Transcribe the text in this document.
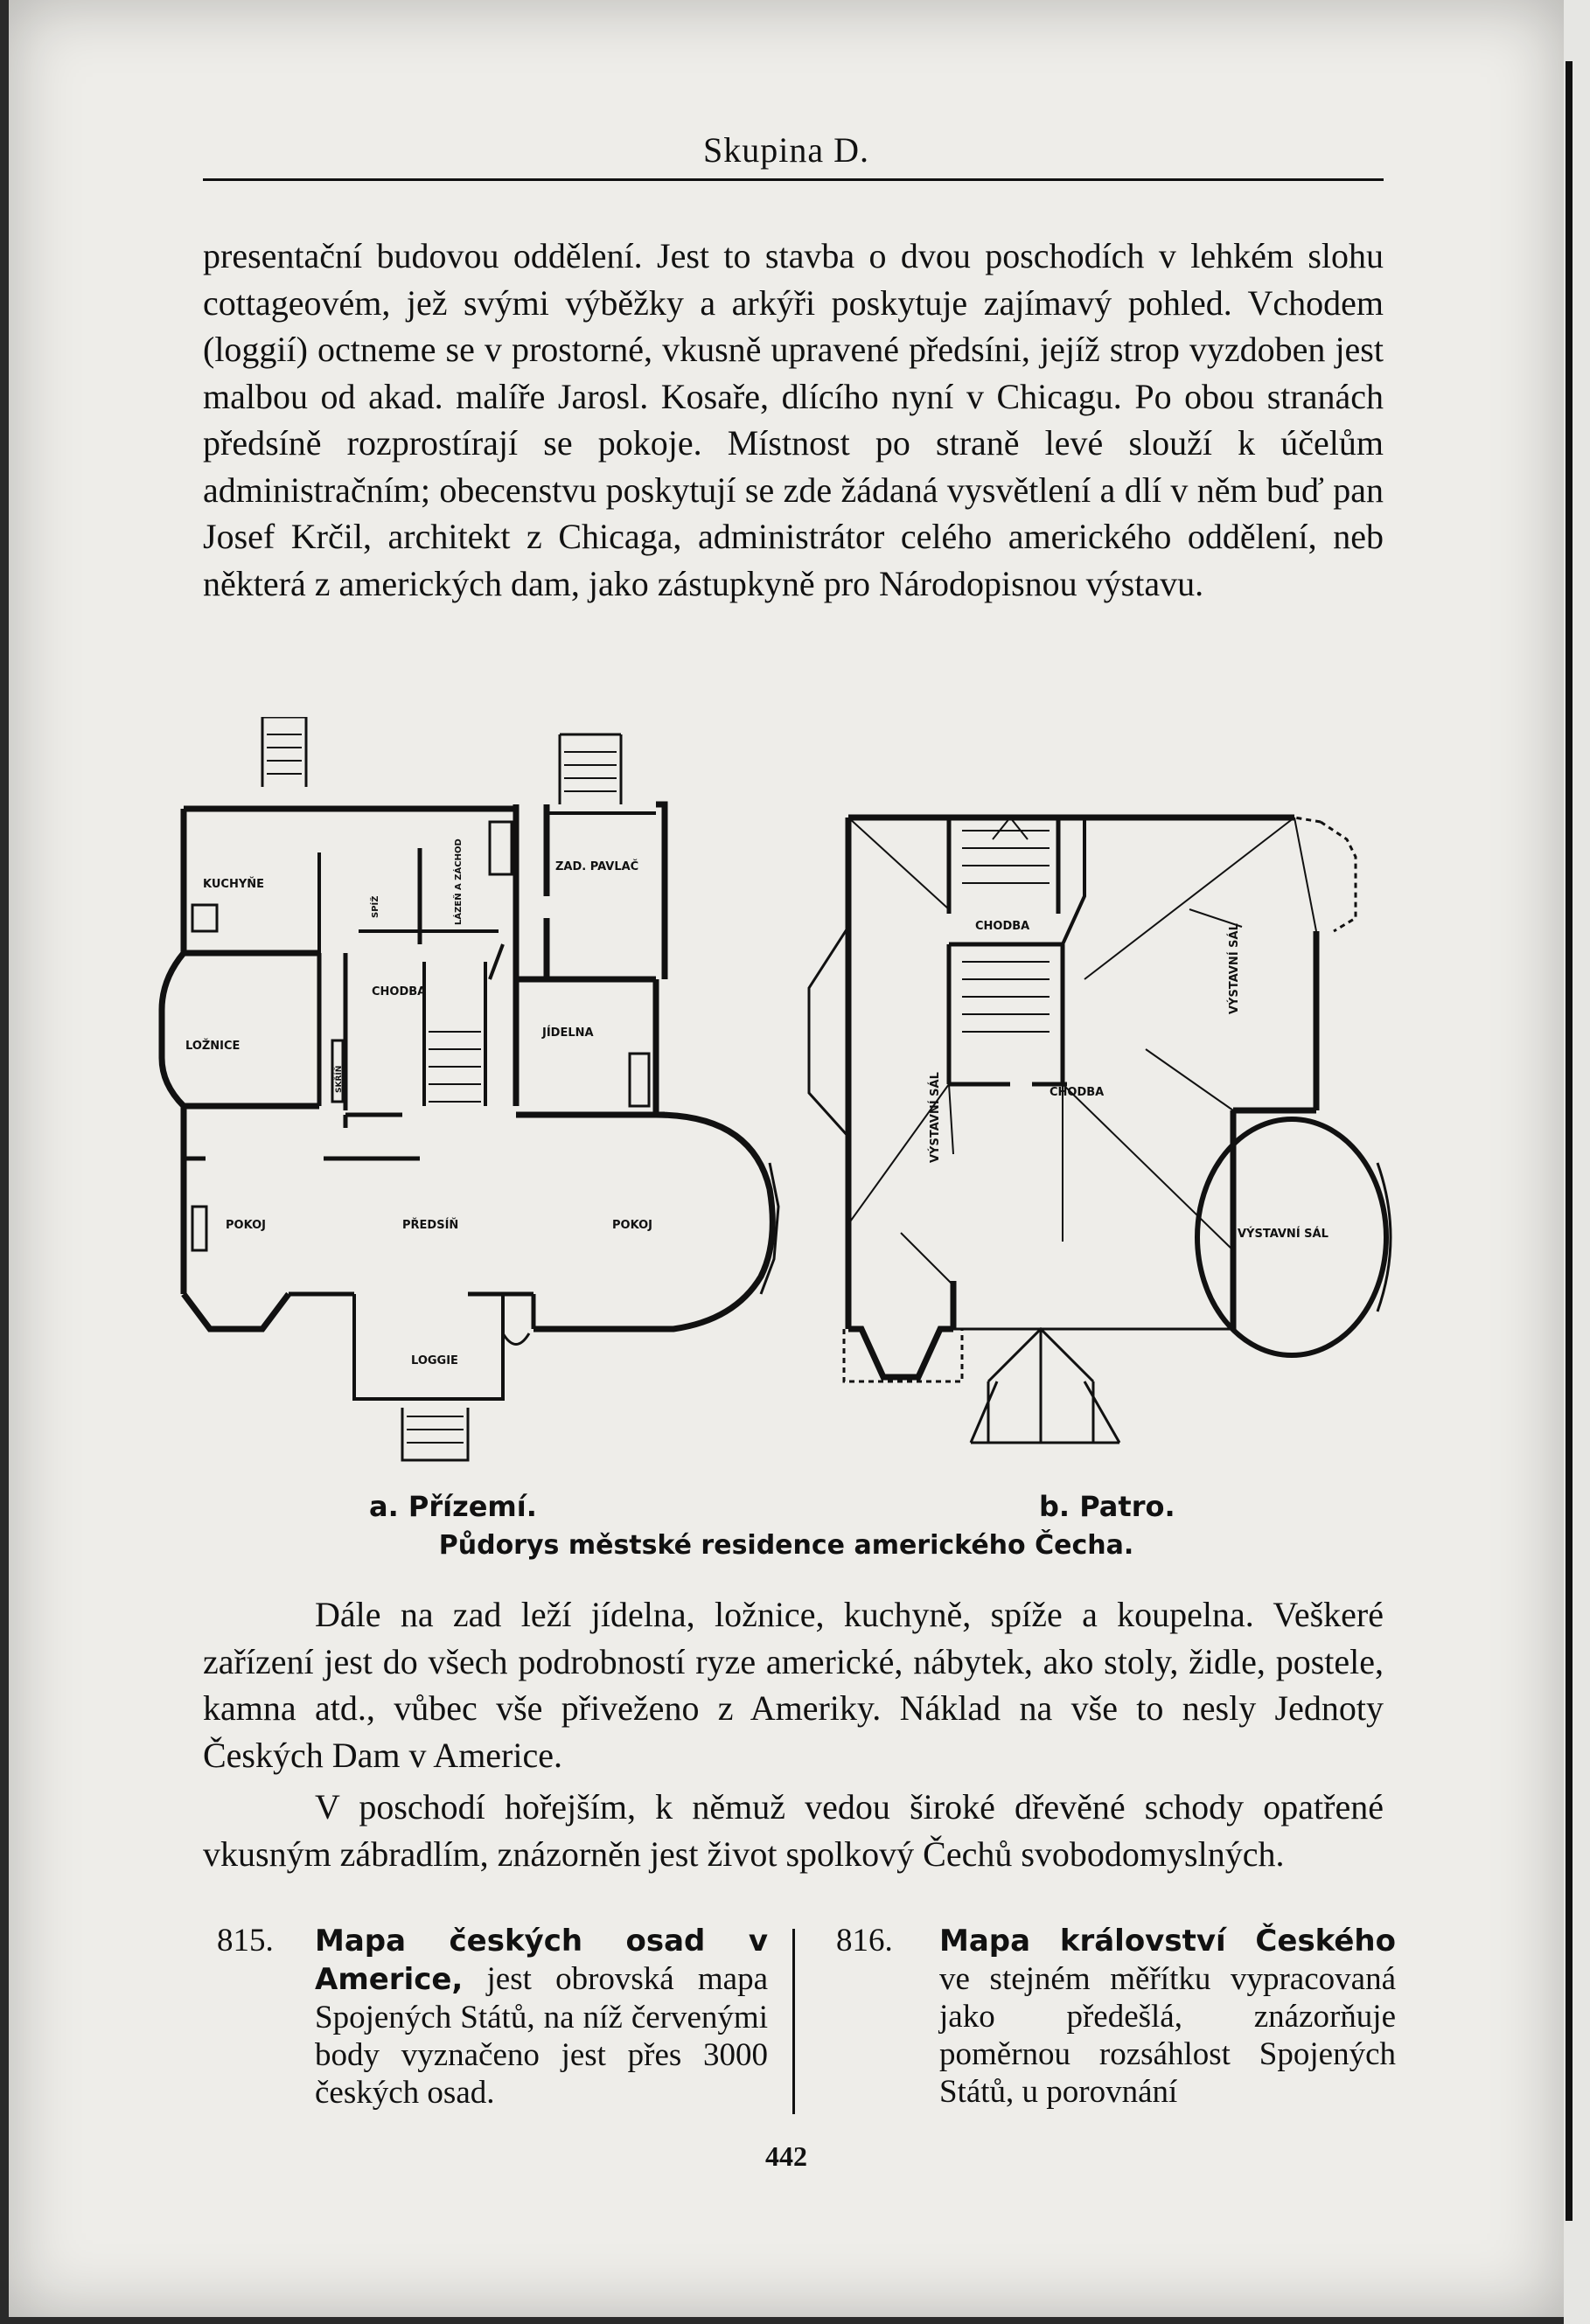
Skupina D.

presentační budovou oddělení. Jest to stavba o dvou poschodích v lehkém slohu cottageovém, jež svými výběžky a arkýři poskytuje zajímavý pohled. Vchodem (loggií) octneme se v prostorné, vkusně upravené předsíni, jejíž strop vyzdoben jest malbou od akad. malíře Jarosl. Kosaře, dlícího nyní v Chicagu. Po obou stranách předsíně rozprostírají se pokoje. Místnost po straně levé slouží k účelům administračním; obecenstvu poskytují se zde žádaná vysvětlení a dlí v něm buď pan Josef Krčil, architekt z Chicaga, administrátor celého amerického oddělení, neb některá z amerických dam, jako zástupkyně pro Národopisnou výstavu.

KUCHYŇE
ZAD. PAVLAČ
CHODBA
LOŽNICE
JÍDELNA
POKOJ	PŘEDSÍŇ	POKOJ
LOGGIE
SPÍŽ	LÁZEŇ A ZÁCHOD
SKŘÍŇ
CHODBA
CHODBA
VÝSTAVNÍ SÁL
VÝSTAVNÍ SÁL
VÝSTAVNÍ SÁL
a. Přízemí.	b. Patro.
Půdorys městské residence amerického Čecha.

Dále na zad leží jídelna, ložnice, kuchyně, spíže a koupelna. Veškeré zařízení jest do všech podrobností ryze americké, nábytek, ako stoly, židle, postele, kamna atd., vůbec vše přiveženo z Ameriky. Náklad na vše to nesly Jednoty Českých Dam v Americe.

V poschodí hořejším, k němuž vedou široké dřevěné schody opatřené vkusným zábradlím, znázorněn jest život spolkový Čechů svobodomyslných.

815. Mapa českých osad v Americe, jest obrovská mapa Spojených Států, na níž červenými body vyznačeno jest přes 3000 českých osad.
816. Mapa království Českého ve stejném měřítku vypracovaná jako předešlá, znázorňuje poměrnou rozsáhlost Spojených Států, u porovnání
442
